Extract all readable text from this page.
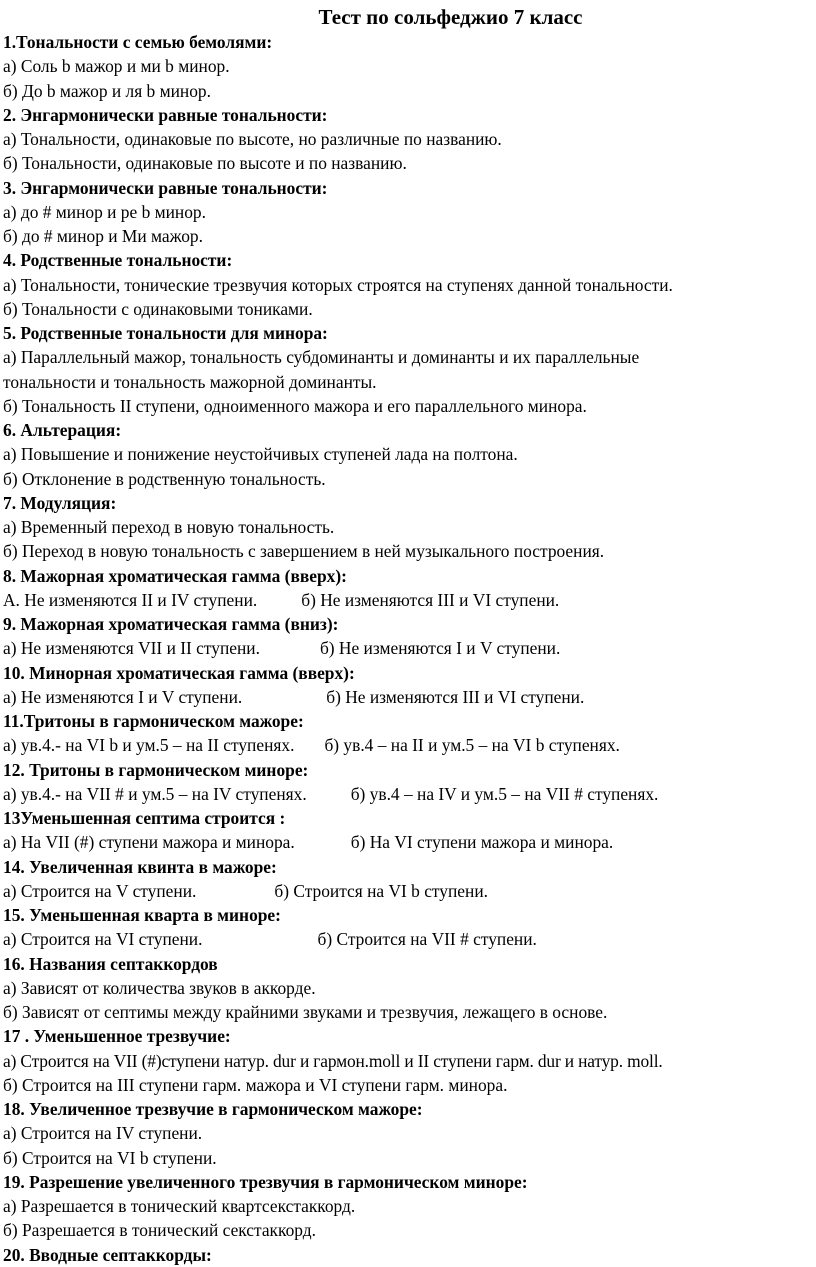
Тест по сольфеджио 7 класс
1.Тональности с семью бемолями:
а) Соль b мажор и ми b минор.
б) До b мажор и ля b минор.
2. Энгармонически равные тональности:
а) Тональности, одинаковые по высоте, но различные по названию.
б) Тональности, одинаковые по высоте и по названию.
3. Энгармонически равные тональности:
а) до # минор и ре b минор.
б) до # минор и Ми мажор.
4. Родственные тональности:
а) Тональности, тонические трезвучия которых строятся на ступенях данной тональности.
б) Тональности с одинаковыми тониками.
5. Родственные тональности для минора:
а) Параллельный мажор, тональность субдоминанты и доминанты и их параллельные
тональности и тональность мажорной доминанты.
б) Тональность II ступени, одноименного мажора и его параллельного минора.
6. Альтерация:
а) Повышение и понижение неустойчивых ступеней лада на полтона.
б) Отклонение в родственную тональность.
7. Модуляция:
а) Временный переход в новую тональность.
б) Переход в новую тональность с завершением в ней музыкального построения.
8. Мажорная хроматическая гамма (вверх):
А. Не изменяются II и IV ступени.	б) Не изменяются III и VI ступени.
9. Мажорная хроматическая гамма (вниз):
а) Не изменяются VII и II ступени.	б) Не изменяются I и V ступени.
10. Минорная хроматическая гамма (вверх):
а) Не изменяются I и V ступени.	б) Не изменяются III и VI ступени.
11.Тритоны в гармоническом мажоре:
а) ув.4.- на VI b и ум.5 – на II ступенях. б) ув.4 – на II и ум.5 – на VI b ступенях.
12. Тритоны в гармоническом миноре:
а) ув.4.- на VII # и ум.5 – на IV ступенях.	б) ув.4 – на IV и ум.5 – на VII # ступенях.
13Уменьшенная септима строится :
а) На VII (#) ступени мажора и минора.	б) На VI ступени мажора и минора.
14. Увеличенная квинта в мажоре:
а) Строится на V ступени.	б) Строится на VI b ступени.
15. Уменьшенная кварта в миноре:
а) Строится на VI ступени.	б) Строится на VII # ступени.
16. Названия септаккордов
а) Зависят от количества звуков в аккорде.
б) Зависят от септимы между крайними звуками и трезвучия, лежащего в основе.
17 . Уменьшенное трезвучие:
а) Строится на VII (#)ступени натур. dur и гармон.moll и II ступени гарм. dur и натур. moll.
б) Строится на III ступени гарм. мажора и VI ступени гарм. минора.
18. Увеличенное трезвучие в гармоническом мажоре:
а) Строится на IV ступени.
б) Строится на VI b ступени.
19. Разрешение увеличенного трезвучия в гармоническом миноре:
а) Разрешается в тонический квартсекстаккорд.
б) Разрешается в тонический секстаккорд.
20. Вводные септаккорды:
